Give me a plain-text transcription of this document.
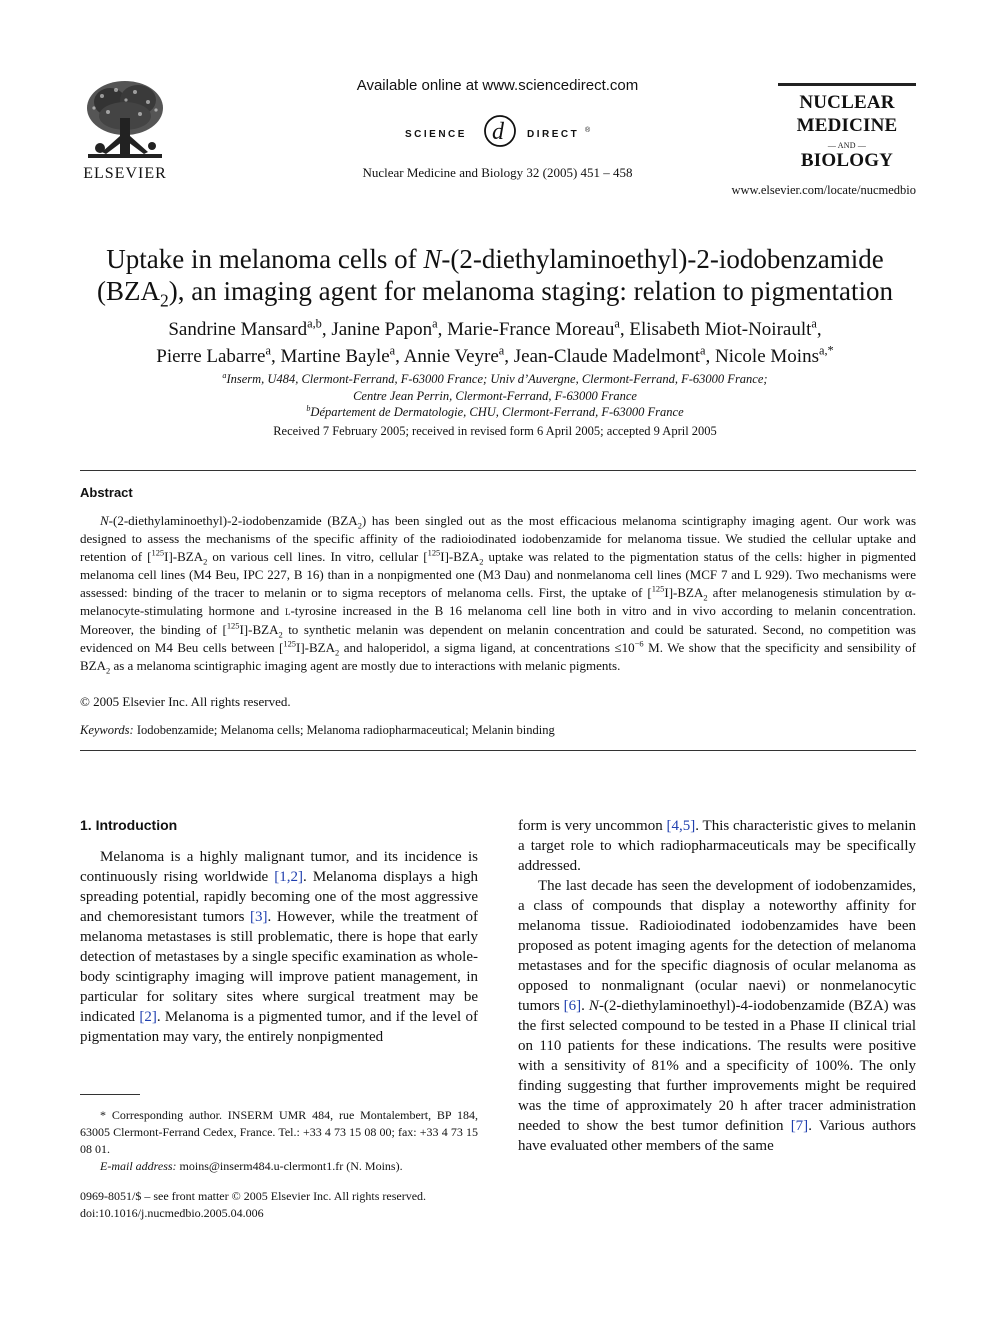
ELSEVIER
Available online at www.sciencedirect.com
SCIENCE d DIRECT ®
Nuclear Medicine and Biology 32 (2005) 451 – 458
NUCLEAR
MEDICINE
— AND —
BIOLOGY
www.elsevier.com/locate/nucmedbio
Uptake in melanoma cells of N-(2-diethylaminoethyl)-2-iodobenzamide
$(BZA_2)$, an imaging agent for melanoma staging: relation to pigmentation
Sandrine Mansard$^{a,b}$, Janine Papon$^a$, Marie-France Moreau$^a$, Elisabeth Miot-Noirault$^a$,
Pierre Labarre$^a$, Martine Bayle$^a$, Annie Veyre$^a$, Jean-Claude Madelmont$^a$, Nicole Moins$^{a,*}$
$^a$Inserm, U484, Clermont-Ferrand, F-63000 France; Univ d’Auvergne, Clermont-Ferrand, F-63000 France;
Centre Jean Perrin, Clermont-Ferrand, F-63000 France
$^b$Département de Dermatologie, CHU, Clermont-Ferrand, F-63000 France
Received 7 February 2005; received in revised form 6 April 2005; accepted 9 April 2005
Abstract

N-(2-diethylaminoethyl)-2-iodobenzamide $(BZA_2)$ has been singled out as the most efficacious melanoma scintigraphy imaging agent. Our work was designed to assess the mechanisms of the specific affinity of the radioiodinated iodobenzamide for melanoma tissue. We studied the cellular uptake and retention of $[^{125}I]-BZA_2$ on various cell lines. In vitro, cellular $[^{125}I]-BZA_2$ uptake was related to the pigmentation status of the cells: higher in pigmented melanoma cell lines (M4 Beu, IPC 227, B 16) than in a nonpigmented one (M3 Dau) and nonmelanoma cell lines (MCF 7 and L 929). Two mechanisms were assessed: binding of the tracer to melanin or to sigma receptors of melanoma cells. First, the uptake of $[^{125}I]-BZA_2$ after melanogenesis stimulation by α-melanocyte-stimulating hormone and l-tyrosine increased in the B 16 melanoma cell line both in vitro and in vivo according to melanin concentration. Moreover, the binding of $[^{125}I]-BZA_2$ to synthetic melanin was dependent on melanin concentration and could be saturated. Second, no competition was evidenced on M4 Beu cells between $[^{125}I]-BZA_2$ and haloperidol, a sigma ligand, at concentrations $\le 10^{-6}$ M. We show that the specificity and sensibility of $BZA_2$ as a melanoma scintigraphic imaging agent are mostly due to interactions with melanic pigments.

© 2005 Elsevier Inc. All rights reserved.
Keywords: Iodobenzamide; Melanoma cells; Melanoma radiopharmaceutical; Melanin binding
1. Introduction

Melanoma is a highly malignant tumor, and its incidence is continuously rising worldwide [1,2]. Melanoma displays a high spreading potential, rapidly becoming one of the most aggressive and chemoresistant tumors [3]. However, while the treatment of melanoma metastases is still problematic, there is hope that early detection of metastases by a single specific examination as whole-body scintigraphy imaging will improve patient management, in particular for solitary sites where surgical treatment may be indicated [2]. Melanoma is a pigmented tumor, and if the level of pigmentation may vary, the entirely nonpigmented

form is very uncommon [4,5]. This characteristic gives to melanin a target role to which radiopharmaceuticals may be specifically addressed.

The last decade has seen the development of iodobenzamides, a class of compounds that display a noteworthy affinity for melanoma tissue. Radioiodinated iodobenzamides have been proposed as potent imaging agents for the detection of melanoma metastases and for the specific diagnosis of ocular melanoma as opposed to nonmalignant (ocular naevi) or nonmelanocytic tumors [6]. N-(2-diethylaminoethyl)-4-iodobenzamide (BZA) was the first selected compound to be tested in a Phase II clinical trial on 110 patients for these indications. The results were positive with a sensitivity of 81% and a specificity of 100%. The only finding suggesting that further improvements might be required was the time of approximately 20 h after tracer administration needed to show the best tumor definition [7]. Various authors have evaluated other members of the same

* Corresponding author. INSERM UMR 484, rue Montalembert, BP 184, 63005 Clermont-Ferrand Cedex, France. Tel.: +33 4 73 15 08 00; fax: +33 4 73 15 08 01.

E-mail address: moins@inserm484.u-clermont1.fr (N. Moins).

0969-8051/$ – see front matter © 2005 Elsevier Inc. All rights reserved.
doi:10.1016/j.nucmedbio.2005.04.006
